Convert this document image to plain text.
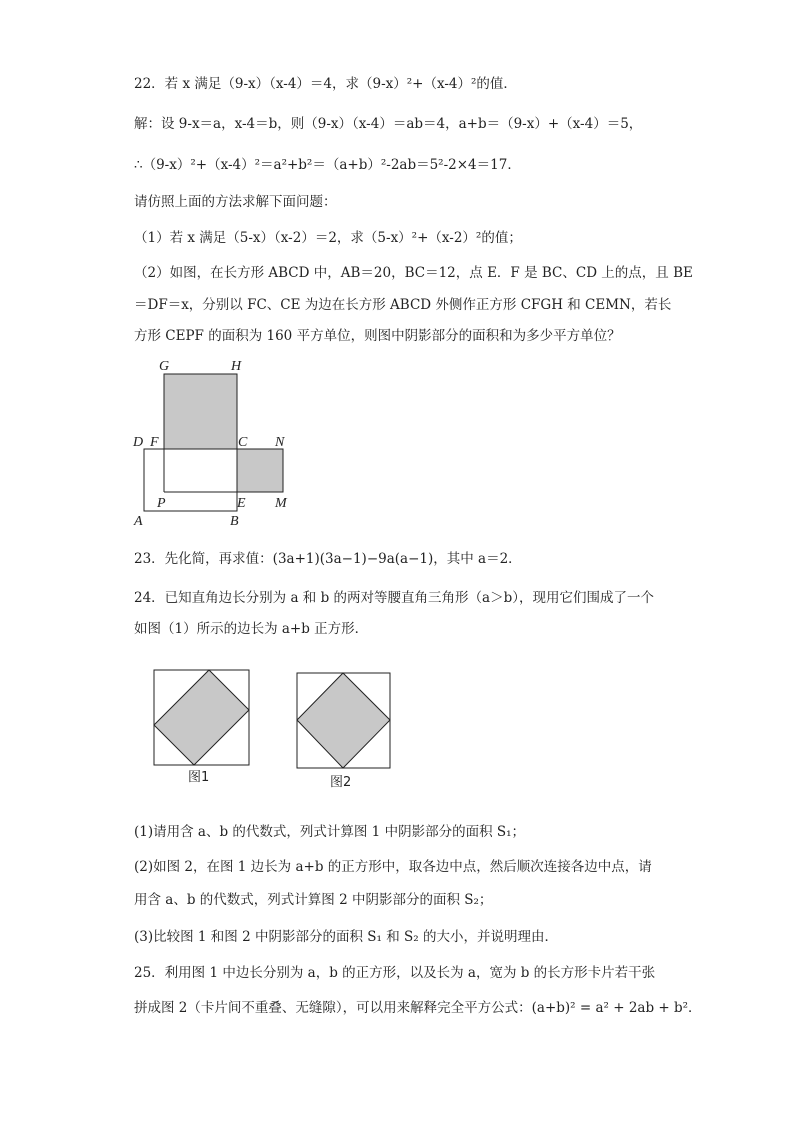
22．若 x 满足（9-x）（x-4）＝4，求（9-x）²+（x-4）²的值．
解：设 9-x＝a，x-4＝b，则（9-x）（x-4）＝ab＝4，a+b＝（9-x）+（x-4）＝5，
∴（9-x）²+（x-4）²＝a²+b²＝（a+b）²-2ab＝5²-2×4＝17．
请仿照上面的方法求解下面问题：
（1）若 x 满足（5-x）（x-2）＝2，求（5-x）²+（x-2）²的值；
（2）如图，在长方形 ABCD 中，AB＝20，BC＝12，点 E．F 是 BC、CD 上的点，且 BE
＝DF＝x，分别以 FC、CE 为边在长方形 ABCD 外侧作正方形 CFGH 和 CEMN，若长
方形 CEPF 的面积为 160 平方单位，则图中阴影部分的面积和为多少平方单位？
G	H
D F	C N
P	E M
A	B
23．先化简，再求值：(3a+1)(3a−1)−9a(a−1)，其中 a＝2．
24．已知直角边长分别为 a 和 b 的两对等腰直角三角形（a＞b），现用它们围成了一个
如图（1）所示的边长为 a+b 正方形．
图1	图2
(1)请用含 a、b 的代数式，列式计算图 1 中阴影部分的面积 S₁；
(2)如图 2，在图 1 边长为 a+b 的正方形中，取各边中点，然后顺次连接各边中点，请
用含 a、b 的代数式，列式计算图 2 中阴影部分的面积 S₂；
(3)比较图 1 和图 2 中阴影部分的面积 S₁ 和 S₂ 的大小，并说明理由．
25．利用图 1 中边长分别为 a，b 的正方形，以及长为 a，宽为 b 的长方形卡片若干张
拼成图 2（卡片间不重叠、无缝隙），可以用来解释完全平方公式：(a+b)² = a² + 2ab + b²．
